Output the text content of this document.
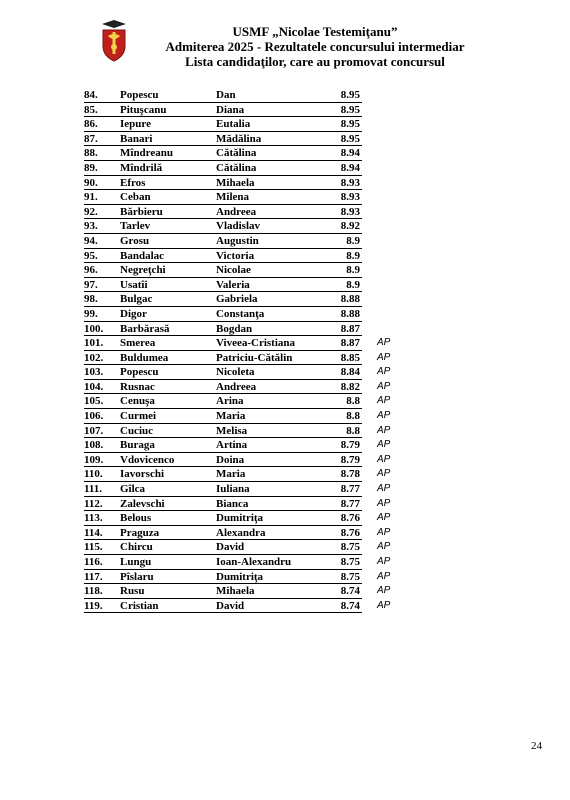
USMF „Nicolae Testemiţanu”
Admiterea 2025 - Rezultatele concursului intermediar
Lista candidaţilor, care au promovat concursul
84. Popescu	Dan	8.95
85. Pituşcanu	Diana	8.95
86. Iepure	Eutalia	8.95
87. Banari	Mădălina	8.95
88. Mîndreanu	Cătălina	8.94
89. Mîndrilă	Cătălina	8.94
90. Efros	Mihaela	8.93
91. Ceban	Milena	8.93
92. Bărbieru	Andreea	8.93
93. Tarlev	Vladislav	8.92
94. Grosu	Augustin	8.9
95. Bandalac	Victoria	8.9
96. Negreţchi	Nicolae	8.9
97. Usatîi	Valeria	8.9
98. Bulgac	Gabriela	8.88
99. Digor	Constanţa	8.88
100. Barbărasă	Bogdan	8.87
101. Smerea	Viveea-Cristiana	8.87 AP
102. Buldumea	Patriciu-Cătălin	8.85 AP
103. Popescu	Nicoleta	8.84 AP
104. Rusnac	Andreea	8.82 AP
105. Cenuşa	Arina	8.8 AP
106. Curmei	Maria	8.8 AP
107. Cuciuc	Melisa	8.8 AP
108. Buraga	Artina	8.79 AP
109. Vdovicenco	Doina	8.79 AP
110. Iavorschi	Maria	8.78 AP
111. Gîlca	Iuliana	8.77 AP
112. Zalevschi	Bianca	8.77 AP
113. Belous	Dumitriţa	8.76 AP
114. Praguza	Alexandra	8.76 AP
115. Chircu	David	8.75 AP
116. Lungu	Ioan-Alexandru	8.75 AP
117. Pîslaru	Dumitriţa	8.75 AP
118. Rusu	Mihaela	8.74 AP
119. Cristian	David	8.74 AP
24
